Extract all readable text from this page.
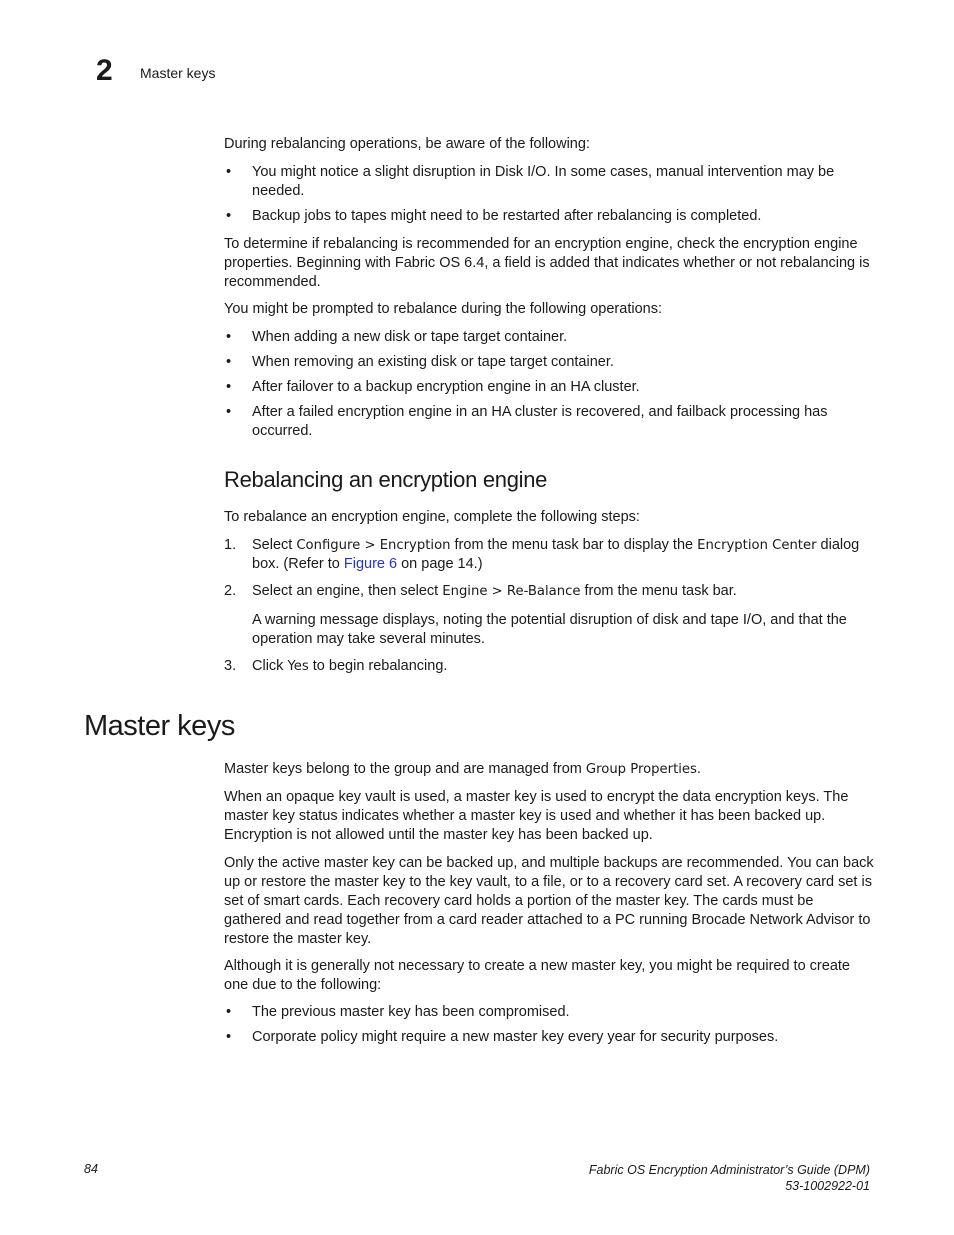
2 Master keys

During rebalancing operations, be aware of the following:

• You might notice a slight disruption in Disk I/O. In some cases, manual intervention may be needed.
• Backup jobs to tapes might need to be restarted after rebalancing is completed.

To determine if rebalancing is recommended for an encryption engine, check the encryption engine properties. Beginning with Fabric OS 6.4, a field is added that indicates whether or not rebalancing is recommended.

You might be prompted to rebalance during the following operations:

• When adding a new disk or tape target container.
• When removing an existing disk or tape target container.
• After failover to a backup encryption engine in an HA cluster.
• After a failed encryption engine in an HA cluster is recovered, and failback processing has occurred.
Rebalancing an encryption engine

To rebalance an encryption engine, complete the following steps:

1. Select Configure > Encryption from the menu task bar to display the Encryption Center dialog box. (Refer to Figure 6 on page 14.)
2. Select an engine, then select Engine > Re-Balance from the menu task bar.

A warning message displays, noting the potential disruption of disk and tape I/O, and that the operation may take several minutes.

3. Click Yes to begin rebalancing.
Master keys

Master keys belong to the group and are managed from Group Properties.

When an opaque key vault is used, a master key is used to encrypt the data encryption keys. The master key status indicates whether a master key is used and whether it has been backed up. Encryption is not allowed until the master key has been backed up.

Only the active master key can be backed up, and multiple backups are recommended. You can back up or restore the master key to the key vault, to a file, or to a recovery card set. A recovery card set is set of smart cards. Each recovery card holds a portion of the master key. The cards must be gathered and read together from a card reader attached to a PC running Brocade Network Advisor to restore the master key.

Although it is generally not necessary to create a new master key, you might be required to create one due to the following:

• The previous master key has been compromised.
• Corporate policy might require a new master key every year for security purposes.
84	Fabric OS Encryption Administrator’s Guide (DPM)
53-1002922-01
